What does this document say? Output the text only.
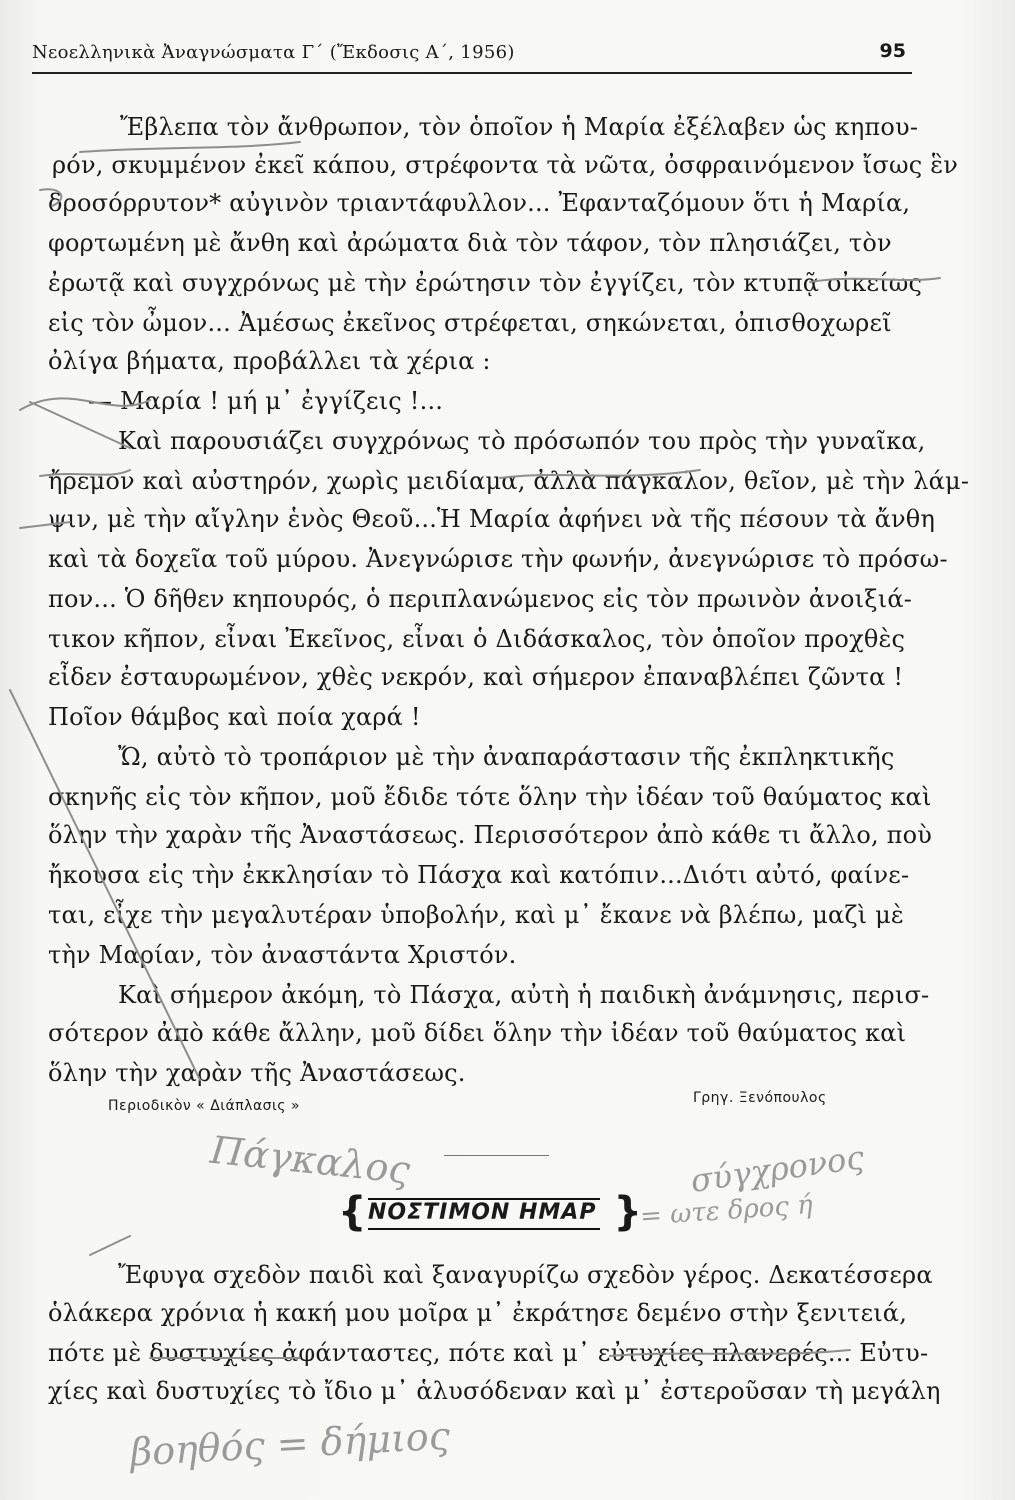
Νεοελληνικὰ Ἀναγνώσματα Γ΄ (Ἔκδοσις Α΄, 1956)	95
Ἔβλεπα τὸν ἄνθρωπον, τὸν ὁποῖον ἡ Μαρία ἐξέλαβεν ὡς κηπου-
ρόν, σκυμμένον ἐκεῖ κάπου, στρέφοντα τὰ νῶτα, ὀσφραινόμενον ἴσως ἓν
δροσόρρυτον* αὐγινὸν τριαντάφυλλον... Ἐφανταζόμουν ὅτι ἡ Μαρία,
φορτωμένη μὲ ἄνθη καὶ ἀρώματα διὰ τὸν τάφον, τὸν πλησιάζει, τὸν
ἐρωτᾷ καὶ συγχρόνως μὲ τὴν ἐρώτησιν τὸν ἐγγίζει, τὸν κτυπᾷ οἰκείως
εἰς τὸν ὦμον... Ἀμέσως ἐκεῖνος στρέφεται, σηκώνεται, ὀπισθοχωρεῖ
ὀλίγα βήματα, προβάλλει τὰ χέρια :
— Μαρία ! μή μ᾿ ἐγγίζεις !...
Καὶ παρουσιάζει συγχρόνως τὸ πρόσωπόν του πρὸς τὴν γυναῖκα,
ἤρεμον καὶ αὐστηρόν, χωρὶς μειδίαμα, ἀλλὰ πάγκαλον, θεῖον, μὲ τὴν λάμ-
ψιν, μὲ τὴν αἴγλην ἑνὸς Θεοῦ...Ἡ Μαρία ἀφήνει νὰ τῆς πέσουν τὰ ἄνθη
καὶ τὰ δοχεῖα τοῦ μύρου. Ἀνεγνώρισε τὴν φωνήν, ἀνεγνώρισε τὸ πρόσω-
πον... Ὁ δῆθεν κηπουρός, ὁ περιπλανώμενος εἰς τὸν πρωινὸν ἀνοιξιά-
τικον κῆπον, εἶναι Ἐκεῖνος, εἶναι ὁ Διδάσκαλος, τὸν ὁποῖον προχθὲς
εἶδεν ἐσταυρωμένον, χθὲς νεκρόν, καὶ σήμερον ἐπαναβλέπει ζῶντα !
Ποῖον θάμβος καὶ ποία χαρά !
Ὤ, αὐτὸ τὸ τροπάριον μὲ τὴν ἀναπαράστασιν τῆς ἐκπληκτικῆς
σκηνῆς εἰς τὸν κῆπον, μοῦ ἔδιδε τότε ὅλην τὴν ἰδέαν τοῦ θαύματος καὶ
ὅλην τὴν χαρὰν τῆς Ἀναστάσεως. Περισσότερον ἀπὸ κάθε τι ἄλλο, ποὺ
ἤκουσα εἰς τὴν ἐκκλησίαν τὸ Πάσχα καὶ κατόπιν...Διότι αὐτό, φαίνε-
ται, εἶχε τὴν μεγαλυτέραν ὑποβολήν, καὶ μ᾿ ἔκανε νὰ βλέπω, μαζὶ μὲ
τὴν Μαρίαν, τὸν ἀναστάντα Χριστόν.
Καὶ σήμερον ἀκόμη, τὸ Πάσχα, αὐτὴ ἡ παιδικὴ ἀνάμνησις, περισ-
σότερον ἀπὸ κάθε ἄλλην, μοῦ δίδει ὅλην τὴν ἰδέαν τοῦ θαύματος καὶ
ὅλην τὴν χαρὰν τῆς Ἀναστάσεως.
Περιοδικὸν « Διάπλασις »	Γρηγ. Ξενόπουλος
{ ΝΟΣΤΙΜΟΝ ΗΜΑΡ }
Ἔφυγα σχεδὸν παιδὶ καὶ ξαναγυρίζω σχεδὸν γέρος. Δεκατέσσερα
ὁλάκερα χρόνια ἡ κακή μου μοῖρα μ᾿ ἐκράτησε δεμένο στὴν ξενιτειά,
πότε μὲ δυστυχίες ἀφάνταστες, πότε καὶ μ᾿ εὐτυχίες πλανερές... Εὐτυ-
χίες καὶ δυστυχίες τὸ ἴδιο μ᾿ ἁλυσόδεναν καὶ μ᾿ ἐστεροῦσαν τὴ μεγάλη
Πάγκαλος	σύγχρονος
= ωτε δρος ή
βοηθός = δήμιος
